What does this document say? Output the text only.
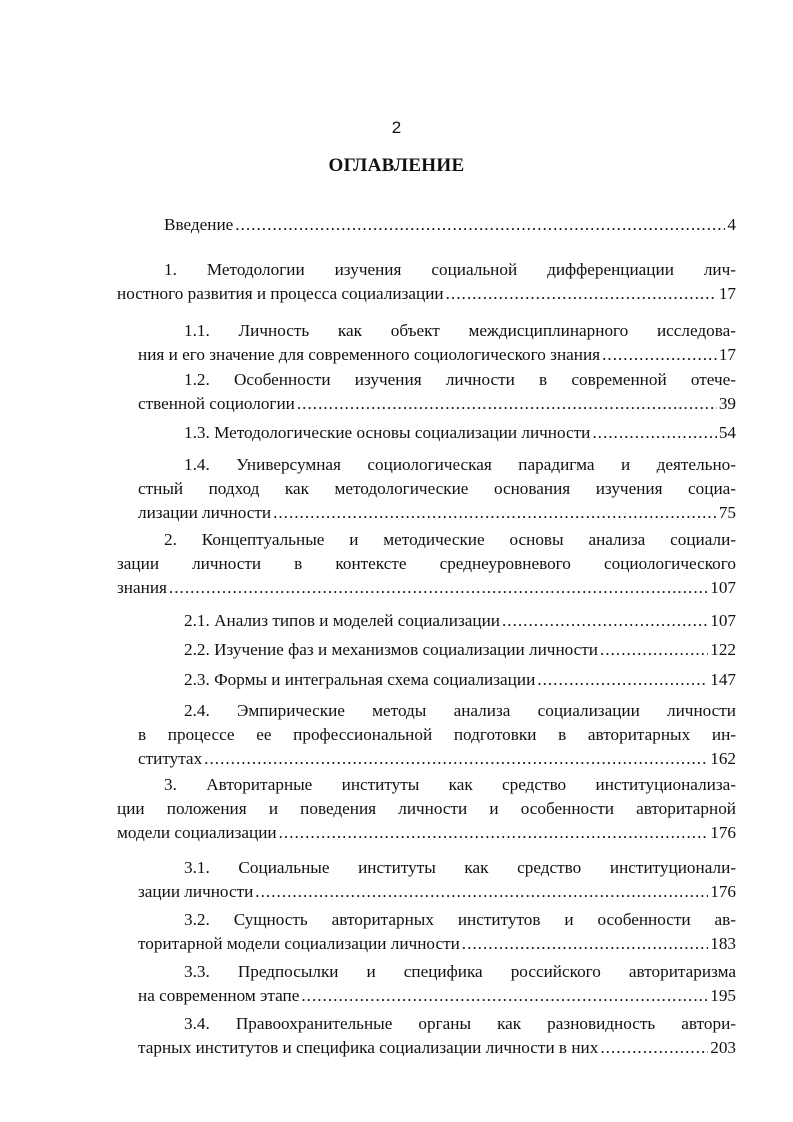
2
ОГЛАВЛЕНИЕ
Введение .....	4
1. Методологии изучения социальной дифференциации лич-
ностного развития и процесса социализации .....	17
1.1. Личность как объект междисциплинарного исследова-
ния и его значение для современного социологического знания .....	17
1.2. Особенности изучения личности в современной отече-
ственной социологии .....	39
1.3. Методологические основы социализации личности .....	54
1.4. Универсумная социологическая парадигма и деятельно-
стный подход как методологические основания изучения социа-
лизации личности .....	75
2. Концептуальные и методические основы анализа социали-
зации личности в контексте среднеуровневого социологического
знания .....	107
2.1. Анализ типов и моделей социализации .....	107
2.2. Изучение фаз и механизмов социализации личности .....	122
2.3. Формы и интегральная схема социализации .....	147
2.4. Эмпирические методы анализа социализации личности
в процессе ее профессиональной подготовки в авторитарных ин-
ститутах .....	162
3. Авторитарные институты как средство институционализа-
ции положения и поведения личности и особенности авторитарной
модели социализации .....	176
3.1. Социальные институты как средство институционали-
зации личности .....	176
3.2. Сущность авторитарных институтов и особенности ав-
торитарной модели социализации личности .....	183
3.3. Предпосылки и специфика российского авторитаризма
на современном этапе .....	195
3.4. Правоохранительные органы как разновидность автори-
тарных институтов и специфика социализации личности в них .....	203
